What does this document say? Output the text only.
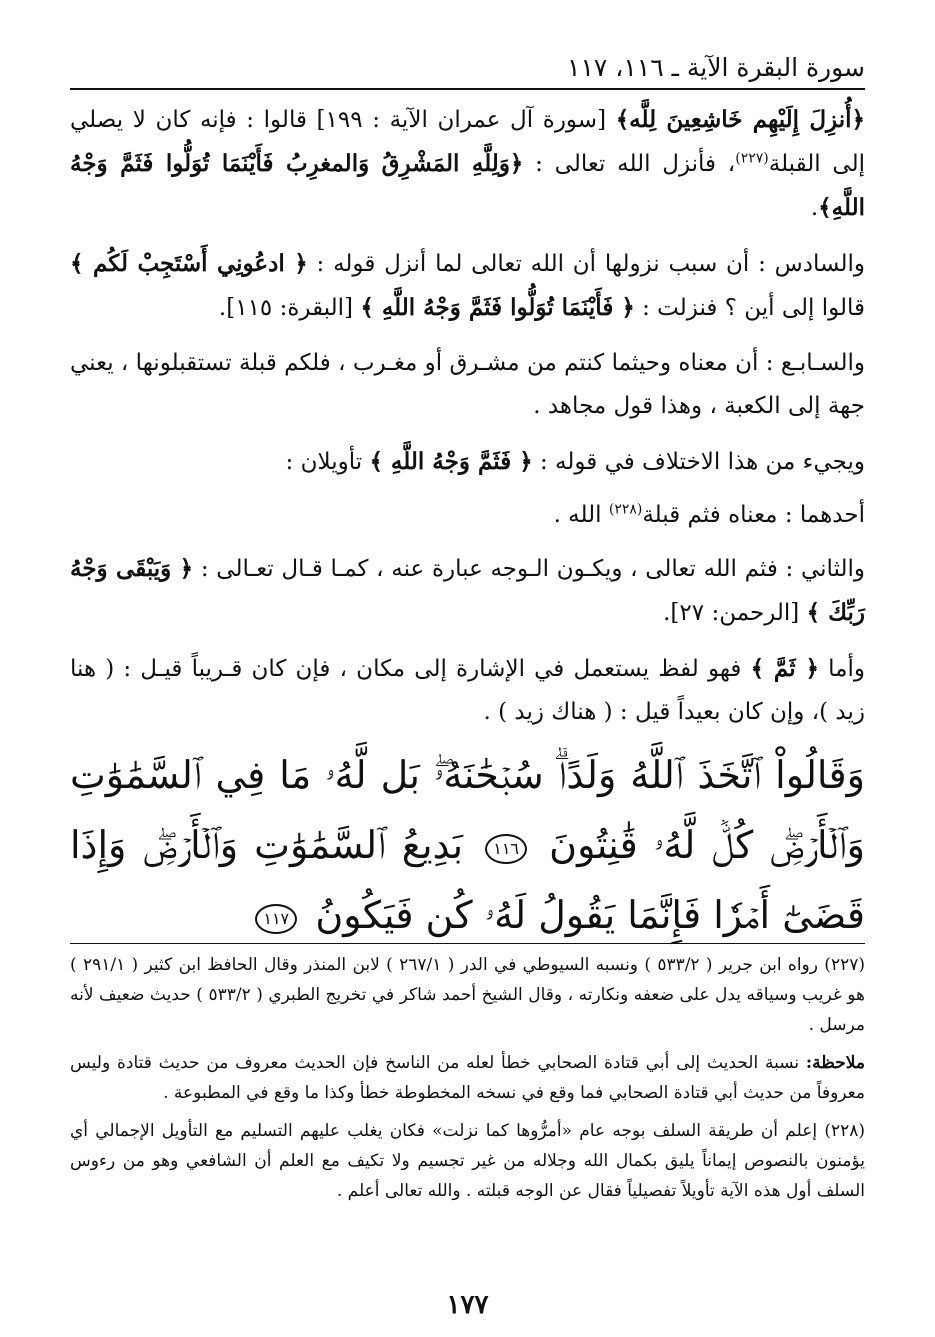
سورة البقرة الآية ـ ١١٦، ١١٧

﴿أُنزِلَ إِلَيْهِم خَاشِعِينَ لِلَّه﴾ [سورة آل عمران الآية : ١٩٩] قالوا : فإنه كان لا يصلي إلى القبلة$^{(٢٢٧)}$، فأنزل الله تعالى : ﴿وَلِلَّهِ المَشْرِقُ وَالمغرِبُ فَأَيْنَمَا تُوَلُّوا فَثَمَّ وَجْهُ اللَّهِ﴾.

والسادس : أن سبب نزولها أن الله تعالى لما أنزل قوله : ﴿ ادعُونِي أَسْتَجِبْ لَكُم ﴾ قالوا إلى أين ؟ فنزلت : ﴿ فَأَيْنَمَا تُوَلُّوا فَثَمَّ وَجْهُ اللَّهِ ﴾ [البقرة: ١١٥].

والسـابـع : أن معناه وحيثما كنتم من مشـرق أو مغـرب ، فلكم قبلة تستقبلونها ، يعني جهة إلى الكعبة ، وهذا قول مجاهد .

ويجيء من هذا الاختلاف في قوله : ﴿ فَثَمَّ وَجْهُ اللَّهِ ﴾ تأويلان :

أحدهما : معناه فثم قبلة$^{(٢٢٨)}$ الله .

والثاني : فثم الله تعالى ، ويكـون الـوجه عبارة عنه ، كمـا قـال تعـالى : ﴿ وَيَبْقَى وَجْهُ رَبِّكَ ﴾ [الرحمن: ٢٧].

وأما ﴿ ثَمَّ ﴾ فهو لفظ يستعمل في الإشارة إلى مكان ، فإن كان قـريباً قيـل : ( هنا زيد )، وإن كان بعيداً قيل : ( هناك زيد ) .

وَقَالُواْ ٱتَّخَذَ ٱللَّهُ وَلَدًاۗ سُبۡحَٰنَهُۥۖ بَل لَّهُۥ مَا فِي ٱلسَّمَٰوَٰتِ وَٱلۡأَرۡضِۖ كُلّٞ لَّهُۥ قَٰنِتُونَ ١١٦ بَدِيعُ ٱلسَّمَٰوَٰتِ وَٱلۡأَرۡضِۖ وَإِذَا قَضَىٰٓ أَمۡرٗا فَإِنَّمَا يَقُولُ لَهُۥ كُن فَيَكُونُ ١١٧

(٢٢٧) رواه ابن جرير ( ٥٣٣/٢ ) ونسبه السيوطي في الدر ( ٢٦٧/١ ) لابن المنذر وقال الحافظ ابن كثير ( ٢٩١/١ ) هو غريب وسياقه يدل على ضعفه ونكارته ، وقال الشيخ أحمد شاكر في تخريج الطبري ( ٥٣٣/٢ ) حديث ضعيف لأنه مرسل .

ملاحظة: نسبة الحديث إلى أبي قتادة الصحابي خطأ لعله من الناسخ فإن الحديث معروف من حديث قتادة وليس معروفاً من حديث أبي قتادة الصحابي فما وقع في نسخه المخطوطة خطأ وكذا ما وقع في المطبوعة .

(٢٢٨) إعلم أن طريقة السلف بوجه عام «أمرُّوها كما نزلت» فكان يغلب عليهم التسليم مع التأويل الإجمالي أي يؤمنون بالنصوص إيماناً يليق بكمال الله وجلاله من غير تجسيم ولا تكيف مع العلم أن الشافعي وهو من رءوس السلف أول هذه الآية تأويلاً تفصيلياً فقال عن الوجه قبلته . والله تعالى أعلم .

١٧٧
